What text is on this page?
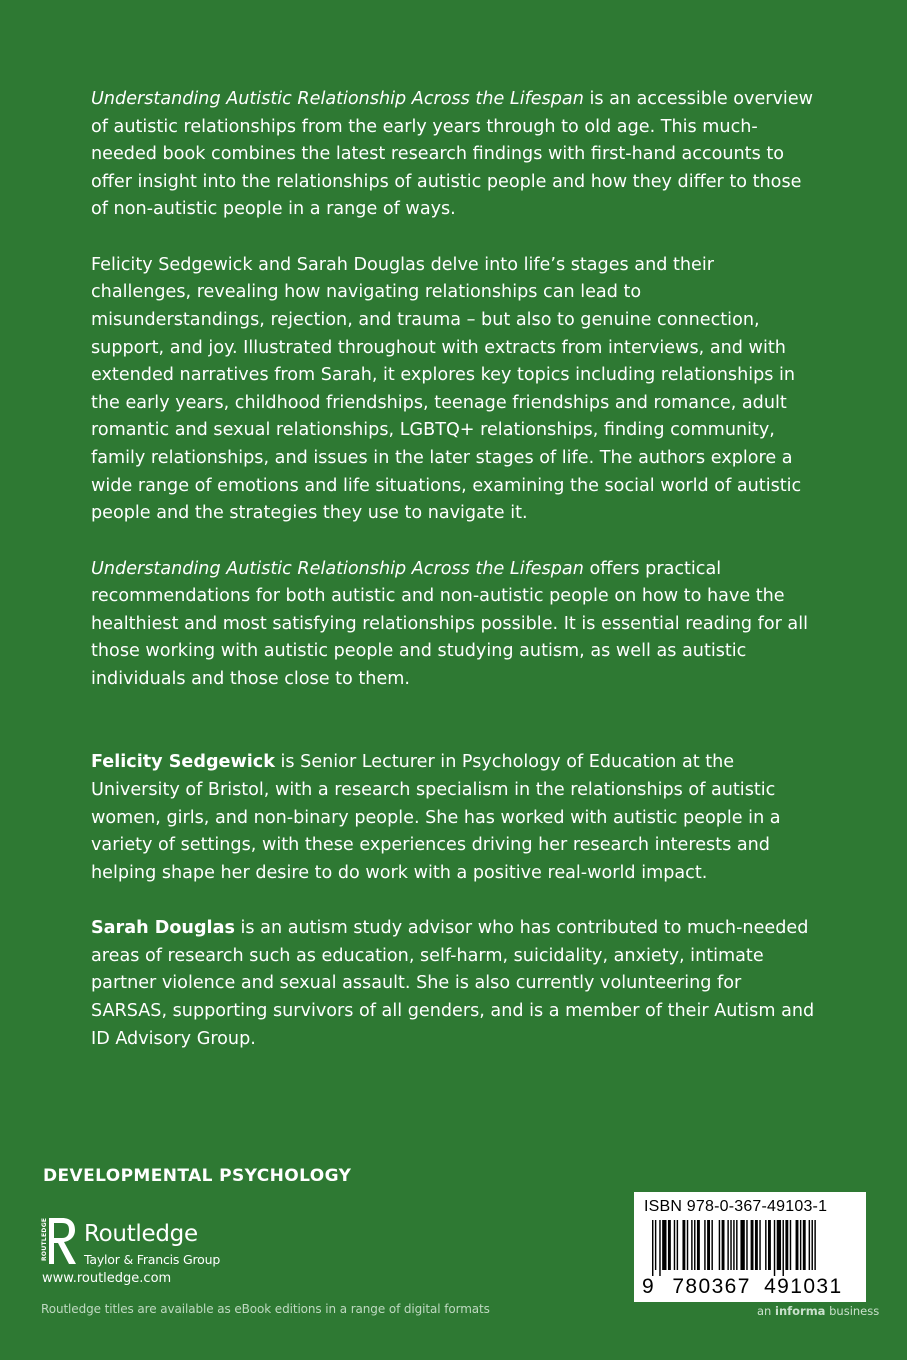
Understanding Autistic Relationship Across the Lifespan is an accessible overview of autistic relationships from the early years through to old age. This much-needed book combines the latest research findings with first-hand accounts to offer insight into the relationships of autistic people and how they differ to those of non-autistic people in a range of ways.

Felicity Sedgewick and Sarah Douglas delve into life’s stages and their challenges, revealing how navigating relationships can lead to misunderstandings, rejection, and trauma – but also to genuine connection, support, and joy. Illustrated throughout with extracts from interviews, and with extended narratives from Sarah, it explores key topics including relationships in the early years, childhood friendships, teenage friendships and romance, adult romantic and sexual relationships, LGBTQ+ relationships, finding community, family relationships, and issues in the later stages of life. The authors explore a wide range of emotions and life situations, examining the social world of autistic people and the strategies they use to navigate it.

Understanding Autistic Relationship Across the Lifespan offers practical recommendations for both autistic and non-autistic people on how to have the healthiest and most satisfying relationships possible. It is essential reading for all those working with autistic people and studying autism, as well as autistic individuals and those close to them.

Felicity Sedgewick is Senior Lecturer in Psychology of Education at the University of Bristol, with a research specialism in the relationships of autistic women, girls, and non-binary people. She has worked with autistic people in a variety of settings, with these experiences driving her research interests and helping shape her desire to do work with a positive real-world impact.

Sarah Douglas is an autism study advisor who has contributed to much-needed areas of research such as education, self-harm, suicidality, anxiety, intimate partner violence and sexual assault. She is also currently volunteering for SARSAS, supporting survivors of all genders, and is a member of their Autism and ID Advisory Group.

DEVELOPMENTAL PSYCHOLOGY
ROUTLEDGE Routledge
Taylor & Francis Group
www.routledge.com
Routledge titles are available as eBook editions in a range of digital formats
ISBN 978-0-367-49103-1
9 780367 491031
an informa business
